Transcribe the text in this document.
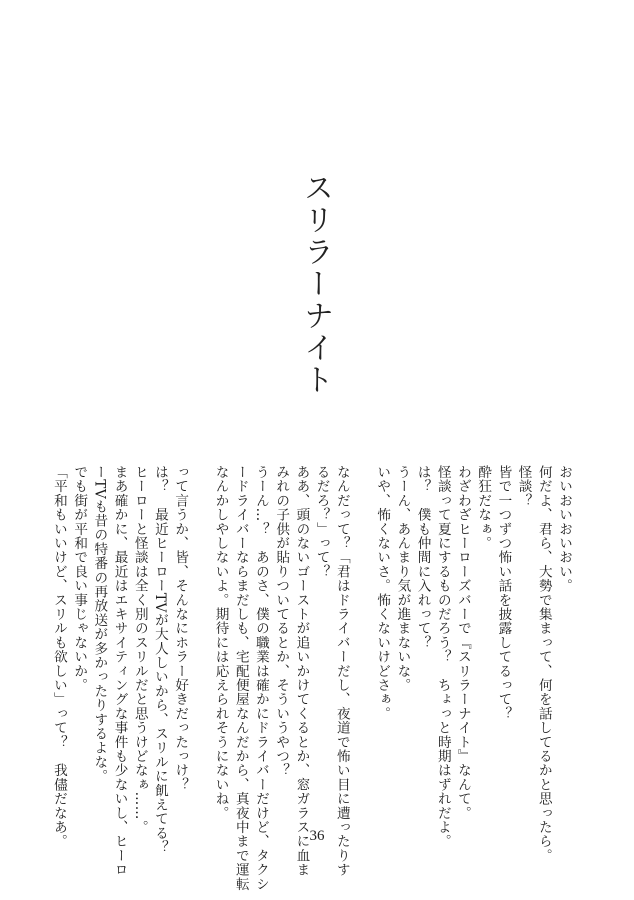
スリラーナイト
おいおいおいおい。
何だよ、君ら、大勢で集まって、何を話してるかと思ったら。
怪談？
皆で一つずつ怖い話を披露してるって？
酔狂だなぁ。
わざわざヒーローズバーで『スリラーナイト』なんて。
怪談って夏にするものだろう？　ちょっと時期はずれだよ。
は？　僕も仲間に入れって？
うーん、あんまり気が進まないな。
いや、怖くないさ。怖くないけどさぁ。
なんだって？「君はドライバーだし、夜道で怖い目に遭ったりす
るだろ？」って？
ああ、頭のないゴーストが追いかけてくるとか、窓ガラスに血ま
みれの子供が貼りついてるとか、そういうやつ？
うーん…？　あのさ、僕の職業は確かにドライバーだけど、タクシ
ードライバーならまだしも、宅配便屋なんだから、真夜中まで運転
なんかしやしないよ。期待には応えられそうにないね。
って言うか、皆、そんなにホラー好きだったっけ？
は？　最近ヒーローTVが大人しいから、スリルに飢えてる？
ヒーローと怪談は全く別のスリルだと思うけどなぁ……。
まあ確かに、最近はエキサイティングな事件も少ないし、ヒーロ
ーTVも昔の特番の再放送が多かったりするよな。
でも街が平和で良い事じゃないか。
「平和もいいけど、スリルも欲しい」って？　我儘だなあ。	36
